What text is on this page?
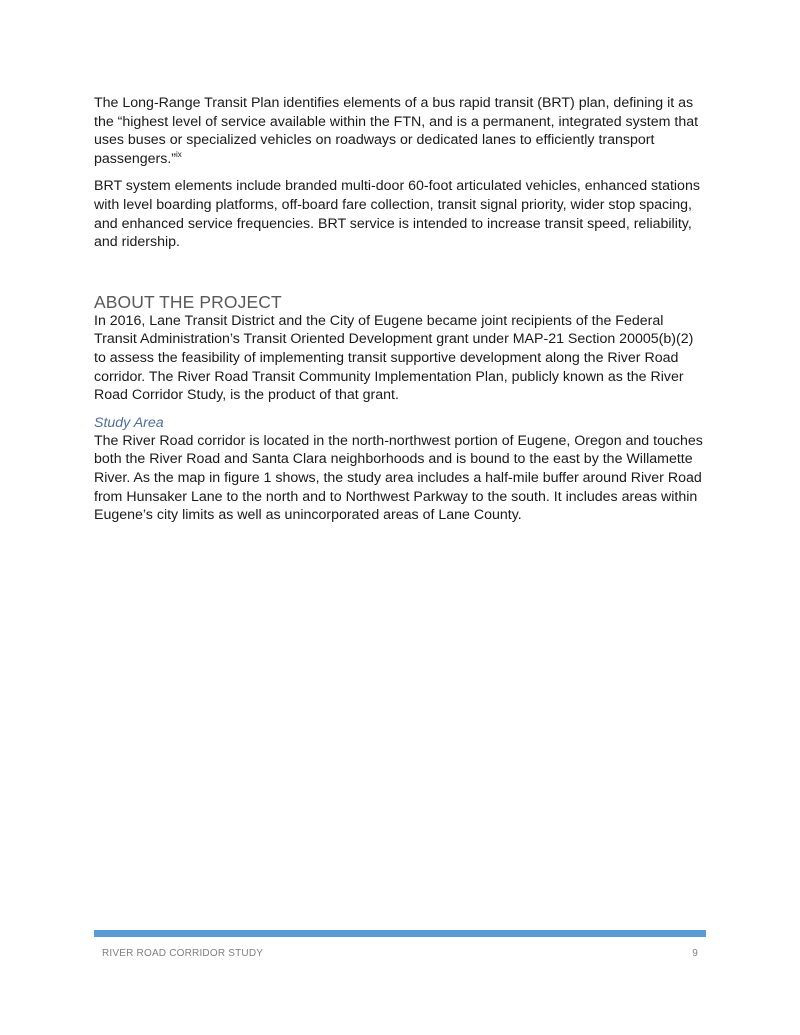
The Long-Range Transit Plan identifies elements of a bus rapid transit (BRT) plan, defining it as the “highest level of service available within the FTN, and is a permanent, integrated system that uses buses or specialized vehicles on roadways or dedicated lanes to efficiently transport passengers.”$^{ix}$

BRT system elements include branded multi-door 60-foot articulated vehicles, enhanced stations with level boarding platforms, off-board fare collection, transit signal priority, wider stop spacing, and enhanced service frequencies. BRT service is intended to increase transit speed, reliability, and ridership.

ABOUT THE PROJECT

In 2016, Lane Transit District and the City of Eugene became joint recipients of the Federal Transit Administration’s Transit Oriented Development grant under MAP-21 Section 20005(b)(2) to assess the feasibility of implementing transit supportive development along the River Road corridor. The River Road Transit Community Implementation Plan, publicly known as the River Road Corridor Study, is the product of that grant.

Study Area

The River Road corridor is located in the north-northwest portion of Eugene, Oregon and touches both the River Road and Santa Clara neighborhoods and is bound to the east by the Willamette River. As the map in figure 1 shows, the study area includes a half-mile buffer around River Road from Hunsaker Lane to the north and to Northwest Parkway to the south. It includes areas within Eugene’s city limits as well as unincorporated areas of Lane County.

RIVER ROAD CORRIDOR STUDY	9
